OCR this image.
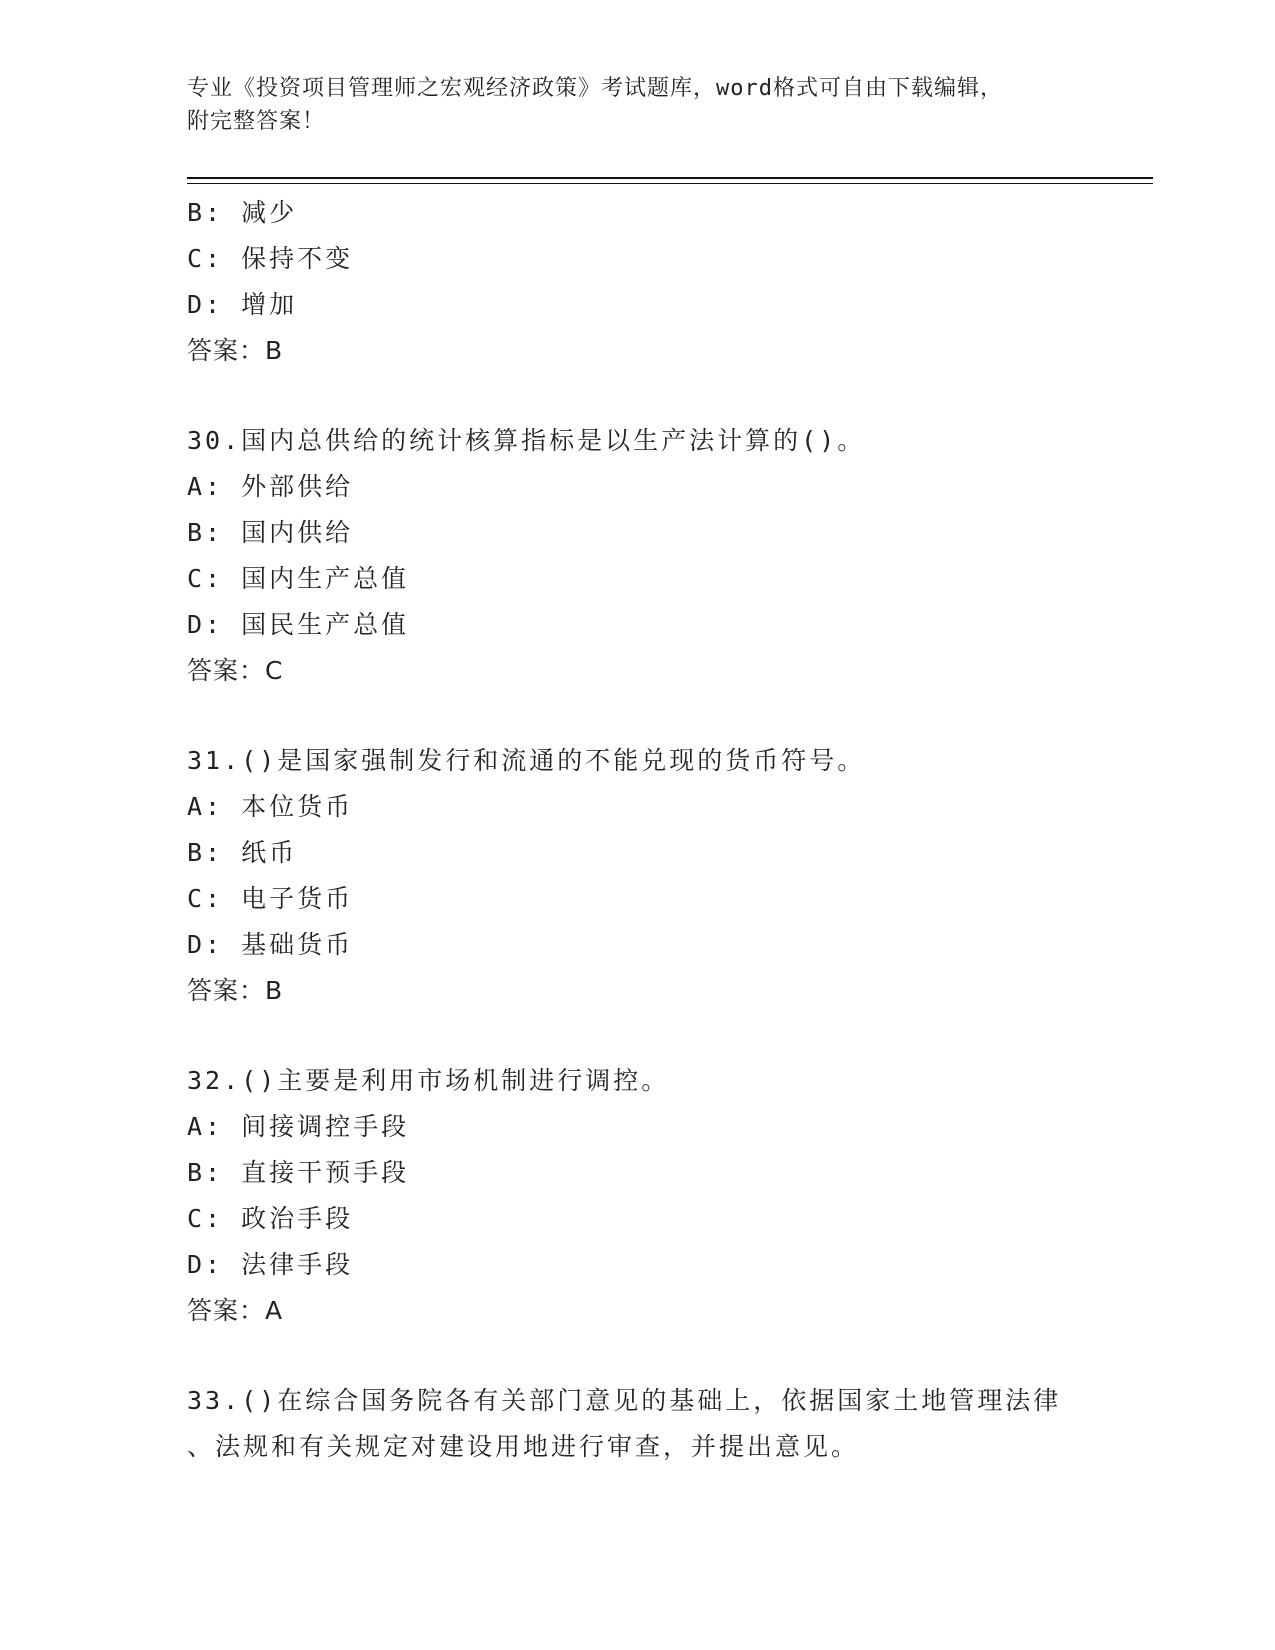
专业《投资项目管理师之宏观经济政策》考试题库，word格式可自由下载编辑，
附完整答案！
B: 减少
C: 保持不变
D: 增加
答案：B
30.国内总供给的统计核算指标是以生产法计算的()。
A: 外部供给
B: 国内供给
C: 国内生产总值
D: 国民生产总值
答案：C
31.()是国家强制发行和流通的不能兑现的货币符号。
A: 本位货币
B: 纸币
C: 电子货币
D: 基础货币
答案：B
32.()主要是利用市场机制进行调控。
A: 间接调控手段
B: 直接干预手段
C: 政治手段
D: 法律手段
答案：A
33.()在综合国务院各有关部门意见的基础上，依据国家土地管理法律
、法规和有关规定对建设用地进行审查，并提出意见。
